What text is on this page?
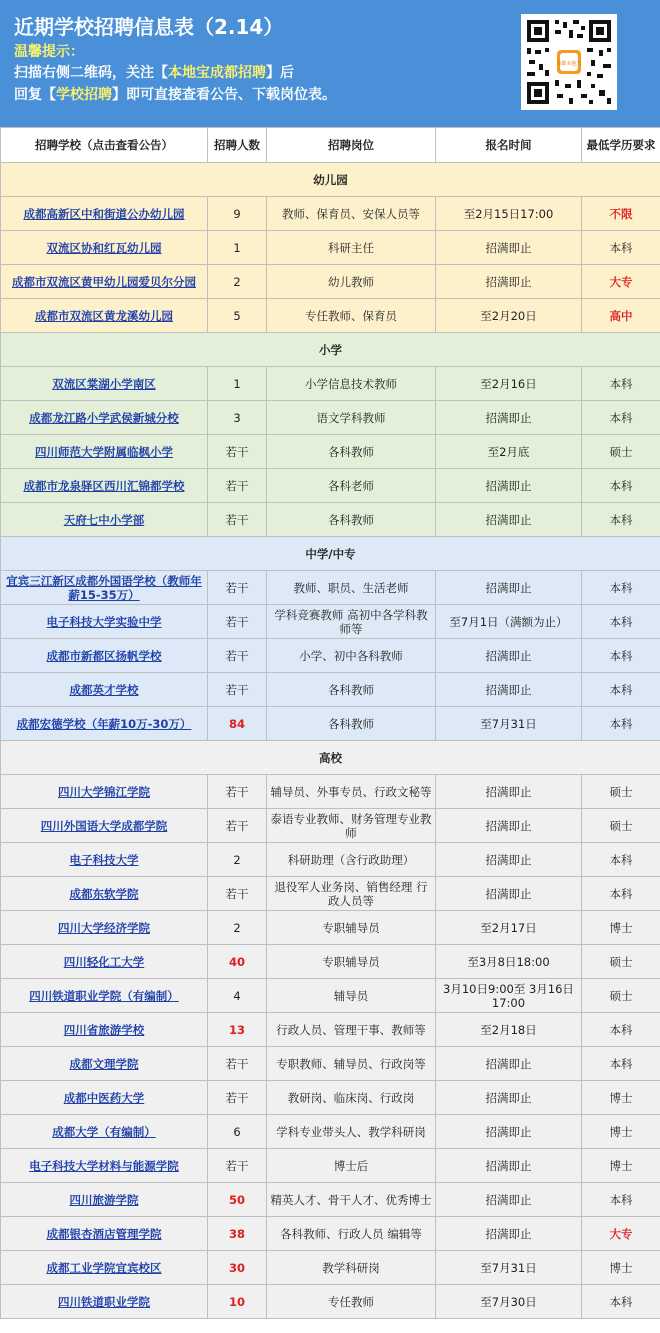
近期学校招聘信息表（2.14）
温馨提示：
扫描右侧二维码，关注【本地宝成都招聘】后
回复【学校招聘】即可直接查看公告、下载岗位表。
成都本地宝
招聘学校（点击查看公告）	招聘人数	招聘岗位	报名时间	最低学历要求
幼儿园				
成都高新区中和街道公办幼儿园	9	教师、保育员、安保人员等	至2月15日17:00	不限
双流区协和红瓦幼儿园	1	科研主任	招满即止	本科
成都市双流区黄甲幼儿园爱贝尔分园	2	幼儿教师	招满即止	大专
成都市双流区黄龙溪幼儿园	5	专任教师、保育员	至2月20日	高中
小学				
双流区棠湖小学南区	1	小学信息技术教师	至2月16日	本科
成都龙江路小学武侯新城分校	3	语文学科教师	招满即止	本科
四川师范大学附属临枫小学	若干	各科教师	至2月底	硕士
成都市龙泉驿区西川汇锦都学校	若干	各科老师	招满即止	本科
天府七中小学部	若干	各科教师	招满即止	本科
中学/中专				
宜宾三江新区成都外国语学校（教师年薪15-35万）	若干	教师、职员、生活老师	招满即止	本科
电子科技大学实验中学	若干	学科竞赛教师 高初中各学科教师等	至7月1日（满额为止）	本科
成都市新都区扬帆学校	若干	小学、初中各科教师	招满即止	本科
成都英才学校	若干	各科教师	招满即止	本科
成都宏德学校（年薪10万-30万）	84	各科教师	至7月31日	本科
高校				
四川大学锦江学院	若干	辅导员、外事专员、行政文秘等	招满即止	硕士
四川外国语大学成都学院	若干	泰语专业教师、财务管理专业教师	招满即止	硕士
电子科技大学	2	科研助理（含行政助理）	招满即止	本科
成都东软学院	若干	退役军人业务岗、销售经理 行政人员等	招满即止	本科
四川大学经济学院	2	专职辅导员	至2月17日	博士
四川轻化工大学	40	专职辅导员	至3月8日18:00	硕士
四川铁道职业学院（有编制）	4	辅导员	3月10日9:00至 3月16日17:00	硕士
四川省旅游学校	13	行政人员、管理干事、教师等	至2月18日	本科
成都文理学院	若干	专职教师、辅导员、行政岗等	招满即止	本科
成都中医药大学	若干	教研岗、临床岗、行政岗	招满即止	博士
成都大学（有编制）	6	学科专业带头人、教学科研岗	招满即止	博士
电子科技大学材料与能源学院	若干	博士后	招满即止	博士
四川旅游学院	50	精英人才、骨干人才、优秀博士	招满即止	本科
成都银杏酒店管理学院	38	各科教师、行政人员 编辑等	招满即止	大专
成都工业学院宜宾校区	30	教学科研岗	至7月31日	博士
四川铁道职业学院	10	专任教师	至7月30日	本科
